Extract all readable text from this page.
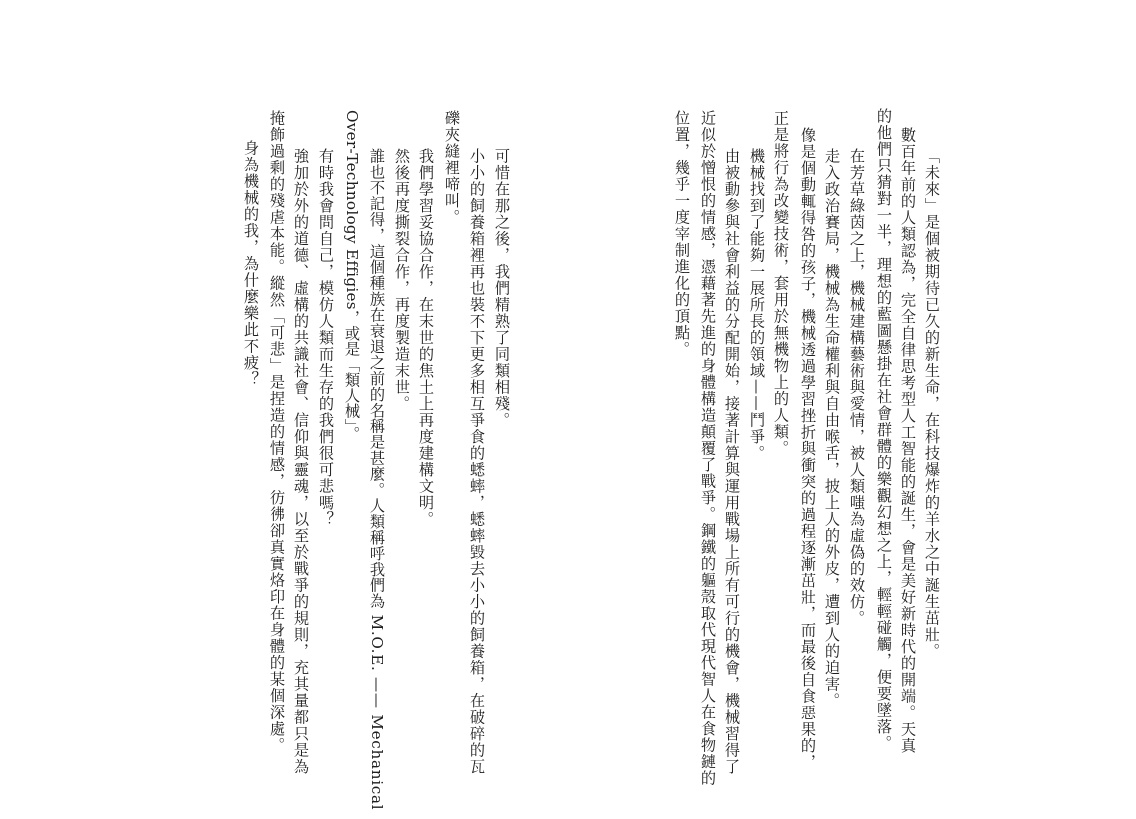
「未來」是個被期待已久的新生命，在科技爆炸的羊水之中誕生茁壯。

數百年前的人類認為，完全自律思考型人工智能的誕生，會是美好新時代的開端。天真

的他們只猜對一半，理想的藍圖懸掛在社會群體的樂觀幻想之上，輕輕碰觸，便要墜落。

在芳草綠茵之上，機械建構藝術與愛情，被人類嗤為虛偽的效仿。

走入政治賽局，機械為生命權利與自由喉舌，披上人的外皮，遭到人的迫害。

像是個動輒得咎的孩子，機械透過學習挫折與衝突的過程逐漸茁壯，而最後自食惡果的，

正是將行為改變技術，套用於無機物上的人類。

機械找到了能夠一展所長的領域——鬥爭。

由被動參與社會利益的分配開始，接著計算與運用戰場上所有可行的機會，機械習得了

近似於憎恨的情感，憑藉著先進的身體構造顛覆了戰爭。鋼鐵的軀殼取代現代智人在食物鏈的

位置，幾乎一度宰制進化的頂點。

可惜在那之後，我們精熟了同類相殘。

小小的飼養箱裡再也裝不下更多相互爭食的蟋蟀，蟋蟀毀去小小的飼養箱，在破碎的瓦

礫夾縫裡啼叫。

我們學習妥協合作，在末世的焦土上再度建構文明。

然後再度撕裂合作，再度製造末世。

誰也不記得，這個種族在衰退之前的名稱是甚麼。人類稱呼我們為 M.O.E. —— Mechanical

Over-Technology Effigies，或是「類人械」。

有時我會問自己，模仿人類而生存的我們很可悲嗎？

強加於外的道德、虛構的共識社會、信仰與靈魂，以至於戰爭的規則，充其量都只是為

掩飾過剩的殘虐本能。縱然「可悲」是捏造的情感，彷彿卻真實烙印在身體的某個深處。

身為機械的我，為什麼樂此不疲？
